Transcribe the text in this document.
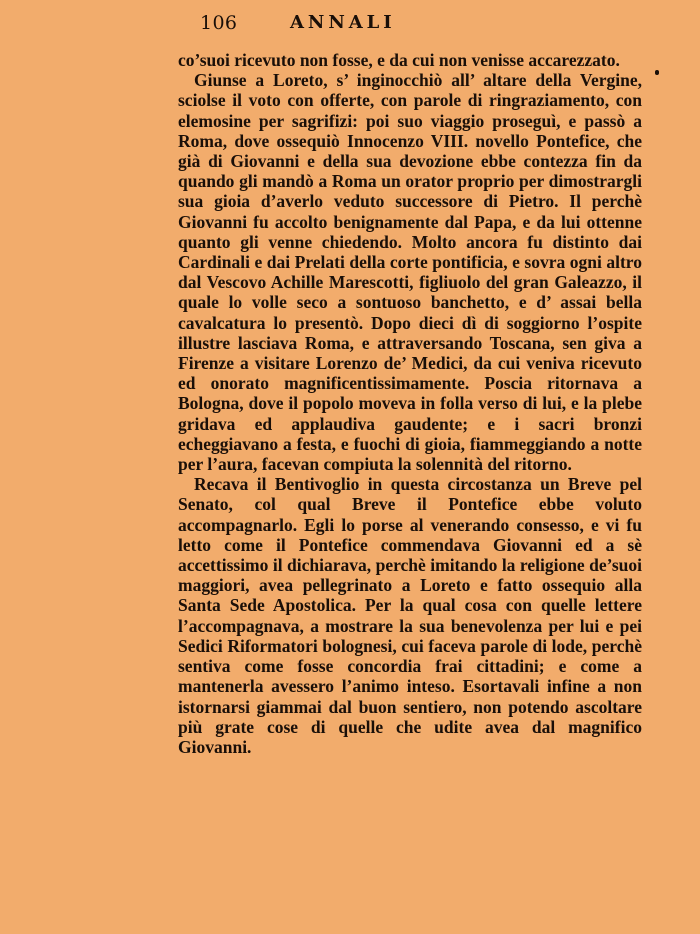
106	ANNALI

co’suoi ricevuto non fosse, e da cui non venisse accarezzato.

Giunse a Loreto, s’ inginocchiò all’ altare della Vergine, sciolse il voto con offerte, con parole di ringraziamento, con elemosine per sagrifizi: poi suo viaggio proseguì, e passò a Roma, dove ossequiò Innocenzo VIII. novello Pontefice, che già di Giovanni e della sua devozione ebbe contezza fin da quando gli mandò a Roma un orator proprio per dimostrargli sua gioia d’averlo veduto successore di Pietro. Il perchè Giovanni fu accolto benignamente dal Papa, e da lui ottenne quanto gli venne chiedendo. Molto ancora fu distinto dai Cardinali e dai Prelati della corte pontificia, e sovra ogni altro dal Vescovo Achille Marescotti, figliuolo del gran Galeazzo, il quale lo volle seco a sontuoso banchetto, e d’ assai bella cavalcatura lo presentò. Dopo dieci dì di soggiorno l’ospite illustre lasciava Roma, e attraversando Toscana, sen giva a Firenze a visitare Lorenzo de’ Medici, da cui veniva ricevuto ed onorato magnificentissimamente. Poscia ritornava a Bologna, dove il popolo moveva in folla verso di lui, e la plebe gridava ed applaudiva gaudente; e i sacri bronzi echeggiavano a festa, e fuochi di gioia, fiammeggiando a notte per l’aura, facevan compiuta la solennità del ritorno.

Recava il Bentivoglio in questa circostanza un Breve pel Senato, col qual Breve il Pontefice ebbe voluto accompagnarlo. Egli lo porse al venerando consesso, e vi fu letto come il Pontefice commendava Giovanni ed a sè accettissimo il dichiarava, perchè imitando la religione de’suoi maggiori, avea pellegrinato a Loreto e fatto ossequio alla Santa Sede Apostolica. Per la qual cosa con quelle lettere l’accompagnava, a mostrare la sua benevolenza per lui e pei Sedici Riformatori bolognesi, cui faceva parole di lode, perchè sentiva come fosse concordia frai cittadini; e come a mantenerla avessero l’animo inteso. Esortavali infine a non istornarsi giammai dal buon sentiero, non potendo ascoltare più grate cose di quelle che udite avea dal magnifico Giovanni.
